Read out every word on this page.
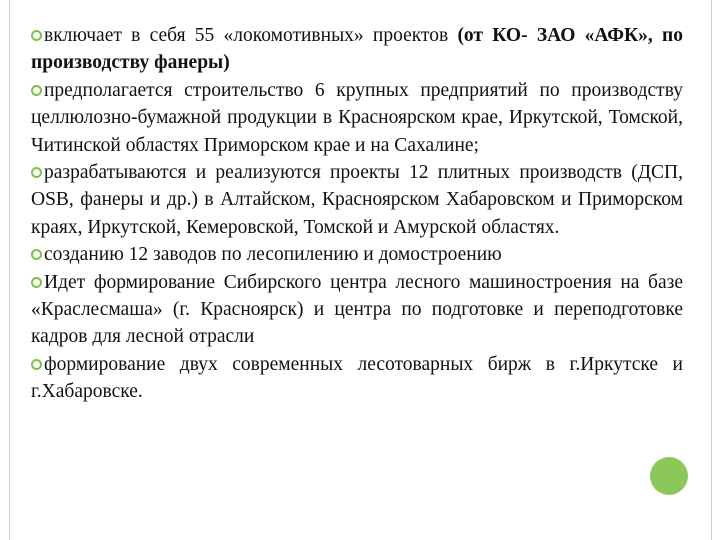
включает в себя 55 «локомотивных» проектов (от КО- ЗАО «АФК», по производству фанеры)

предполагается строительство 6 крупных предприятий по производству целлюлозно-бумажной продукции в Красноярском крае, Иркутской, Томской, Читинской областях Приморском крае и на Сахалине;

разрабатываются и реализуются проекты 12 плитных производств (ДСП, OSB, фанеры и др.) в Алтайском, Красноярском Хабаровском и Приморском краях, Иркутской, Кемеровской, Томской и Амурской областях.

созданию 12 заводов по лесопилению и домостроению

Идет формирование Сибирского центра лесного машиностроения на базе «Краслесмаша» (г. Красноярск) и центра по подготовке и переподготовке кадров для лесной отрасли

формирование двух современных лесотоварных бирж в г.Иркутске и г.Хабаровске.
